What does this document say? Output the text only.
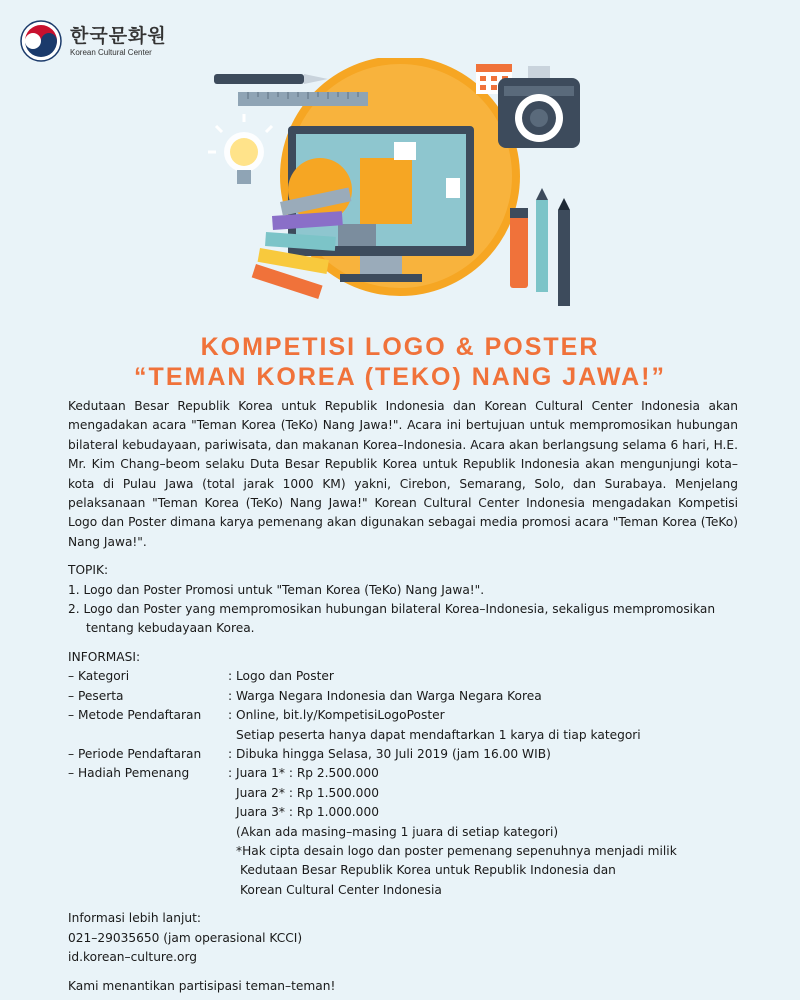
한국문화원
Korean Cultural Center
KOMPETISI LOGO & POSTER
“TEMAN KOREA (TEKO) NANG JAWA!”

Kedutaan Besar Republik Korea untuk Republik Indonesia dan Korean Cultural Center Indonesia akan mengadakan acara "Teman Korea (TeKo) Nang Jawa!". Acara ini bertujuan untuk mempromosikan hubungan bilateral kebudayaan, pariwisata, dan makanan Korea–Indonesia. Acara akan berlangsung selama 6 hari, H.E. Mr. Kim Chang–beom selaku Duta Besar Republik Korea untuk Republik Indonesia akan mengunjungi kota–kota di Pulau Jawa (total jarak 1000 KM) yakni, Cirebon, Semarang, Solo, dan Surabaya. Menjelang pelaksanaan "Teman Korea (TeKo) Nang Jawa!" Korean Cultural Center Indonesia mengadakan Kompetisi Logo dan Poster dimana karya pemenang akan digunakan sebagai media promosi acara "Teman Korea (TeKo) Nang Jawa!".

TOPIK:
1. Logo dan Poster Promosi untuk "Teman Korea (TeKo) Nang Jawa!".
2. Logo dan Poster yang mempromosikan hubungan bilateral Korea–Indonesia, sekaligus mempromosikan tentang kebudayaan Korea.
INFORMASI:
– Kategori	: Logo dan Poster
– Peserta	: Warga Negara Indonesia dan Warga Negara Korea
– Metode Pendaftaran	: Online, bit.ly/KompetisiLogoPoster
Setiap peserta hanya dapat mendaftarkan 1 karya di tiap kategori
– Periode Pendaftaran	: Dibuka hingga Selasa, 30 Juli 2019 (jam 16.00 WIB)
– Hadiah Pemenang	: Juara 1* : Rp 2.500.000
Juara 2* : Rp 1.500.000
Juara 3* : Rp 1.000.000
(Akan ada masing–masing 1 juara di setiap kategori)
*Hak cipta desain logo dan poster pemenang sepenuhnya menjadi milik
Kedutaan Besar Republik Korea untuk Republik Indonesia dan
Korean Cultural Center Indonesia
Informasi lebih lanjut:
021–29035650 (jam operasional KCCI)
id.korean–culture.org
Kami menantikan partisipasi teman–teman!
